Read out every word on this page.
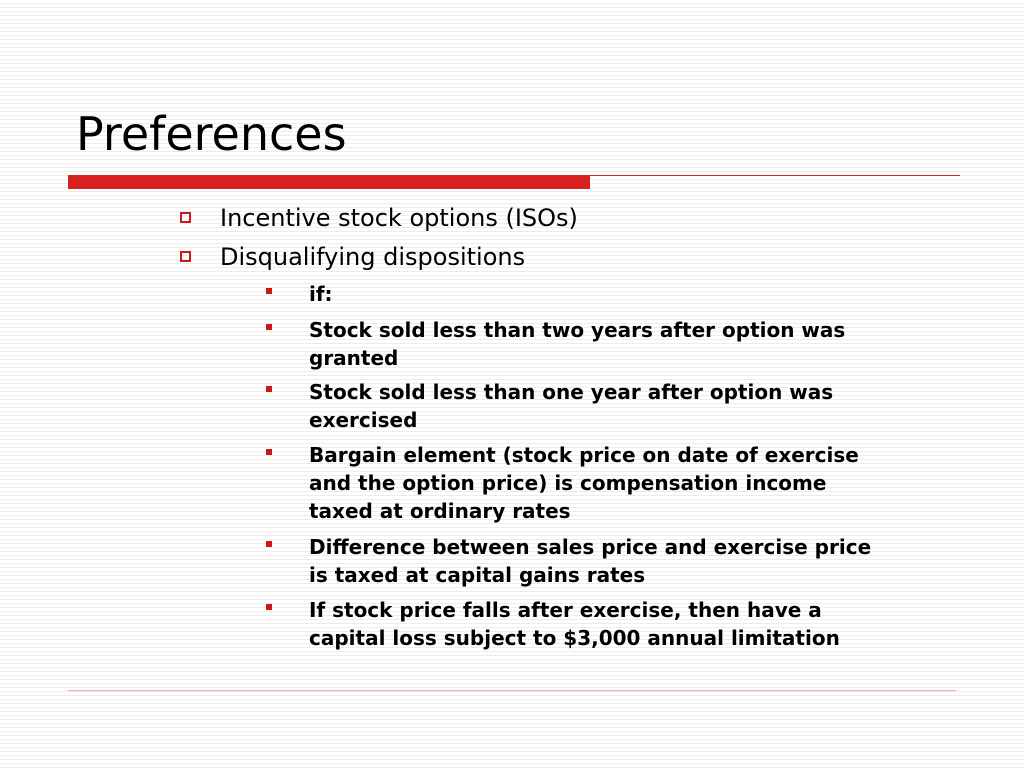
Preferences
Incentive stock options (ISOs)
Disqualifying dispositions
if:
Stock sold less than two years after option was
granted
Stock sold less than one year after option was
exercised
Bargain element (stock price on date of exercise
and the option price) is compensation income
taxed at ordinary rates
Difference between sales price and exercise price
is taxed at capital gains rates
If stock price falls after exercise, then have a
capital loss subject to $3,000 annual limitation
